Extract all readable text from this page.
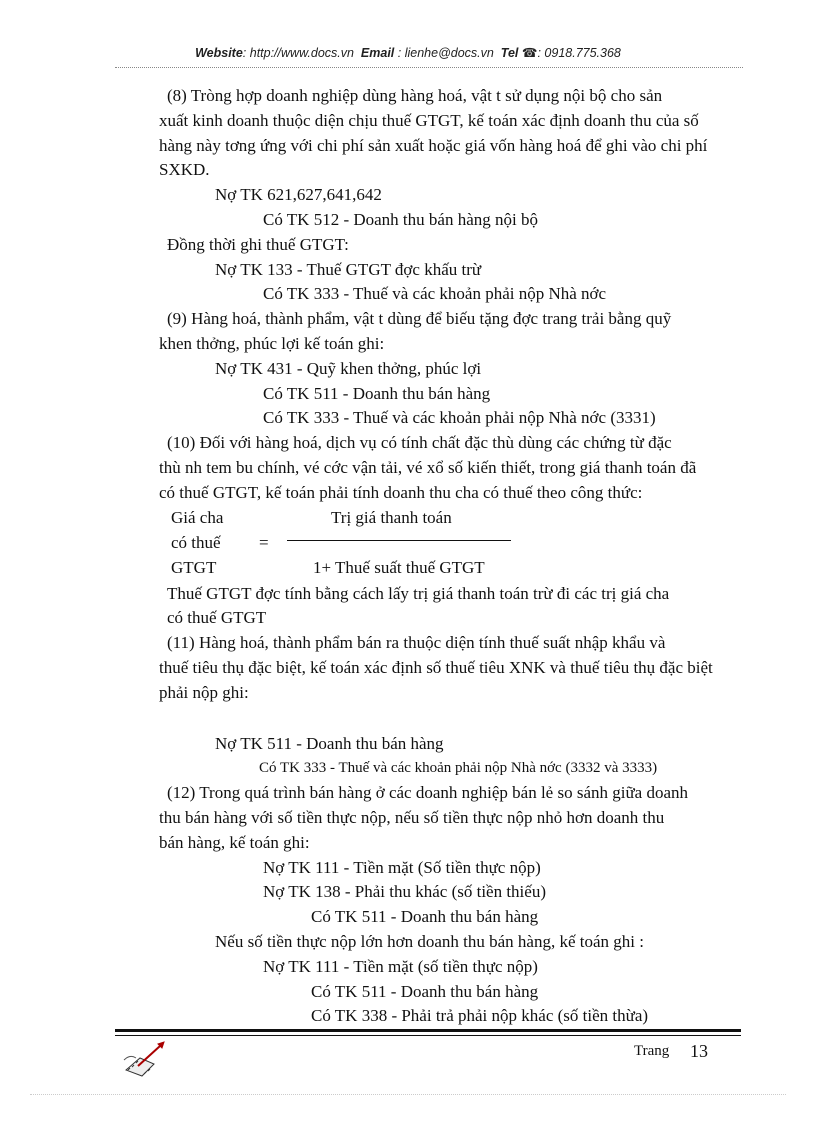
Website: http://www.docs.vn Email : lienhe@docs.vn Tel ☎: 0918.775.368

(8) Tròng hợp doanh nghiệp dùng hàng hoá, vật t sử dụng nội bộ cho sản

xuất kinh doanh thuộc diện chịu thuế GTGT, kế toán xác định doanh thu của số

hàng này tơng ứng với chi phí sản xuất hoặc giá vốn hàng hoá để ghi vào chi phí

SXKD.

Nợ TK 621,627,641,642

Có TK 512 - Doanh thu bán hàng nội bộ

Đồng thời ghi thuế GTGT:

Nợ TK 133 - Thuế GTGT đợc khấu trừ

Có TK 333 - Thuế và các khoản phải nộp Nhà nớc

(9) Hàng hoá, thành phẩm, vật t dùng để biếu tặng đợc trang trải bằng quỹ

khen thởng, phúc lợi kế toán ghi:

Nợ TK 431 - Quỹ khen thởng, phúc lợi

Có TK 511 - Doanh thu bán hàng

Có TK 333 - Thuế và các khoản phải nộp Nhà nớc (3331)

(10) Đối với hàng hoá, dịch vụ có tính chất đặc thù dùng các chứng từ đặc

thù nh tem bu chính, vé cớc vận tải, vé xổ số kiến thiết, trong giá thanh toán đã

có thuế GTGT, kế toán phải tính doanh thu cha có thuế theo công thức:

Giá cha	Trị giá thanh toán
có thuế =
GTGT	1+ Thuế suất thuế GTGT

Thuế GTGT đợc tính bằng cách lấy trị giá thanh toán trừ đi các trị giá cha

có thuế GTGT

(11) Hàng hoá, thành phẩm bán ra thuộc diện tính thuế suất nhập khẩu và

thuế tiêu thụ đặc biệt, kế toán xác định số thuế tiêu XNK và thuế tiêu thụ đặc biệt

phải nộp ghi:

Nợ TK 511 - Doanh thu bán hàng

Có TK 333 - Thuế và các khoản phải nộp Nhà nớc (3332 và 3333)

(12) Trong quá trình bán hàng ở các doanh nghiệp bán lẻ so sánh giữa doanh

thu bán hàng với số tiền thực nộp, nếu số tiền thực nộp nhỏ hơn doanh thu

bán hàng, kế toán ghi:

Nợ TK 111 - Tiền mặt (Số tiền thực nộp)

Nợ TK 138 - Phải thu khác (số tiền thiếu)

Có TK 511 - Doanh thu bán hàng

Nếu số tiền thực nộp lớn hơn doanh thu bán hàng, kế toán ghi :

Nợ TK 111 - Tiền mặt (số tiền thực nộp)

Có TK 511 - Doanh thu bán hàng

Có TK 338 - Phải trả phải nộp khác (số tiền thừa)

Trang 13
